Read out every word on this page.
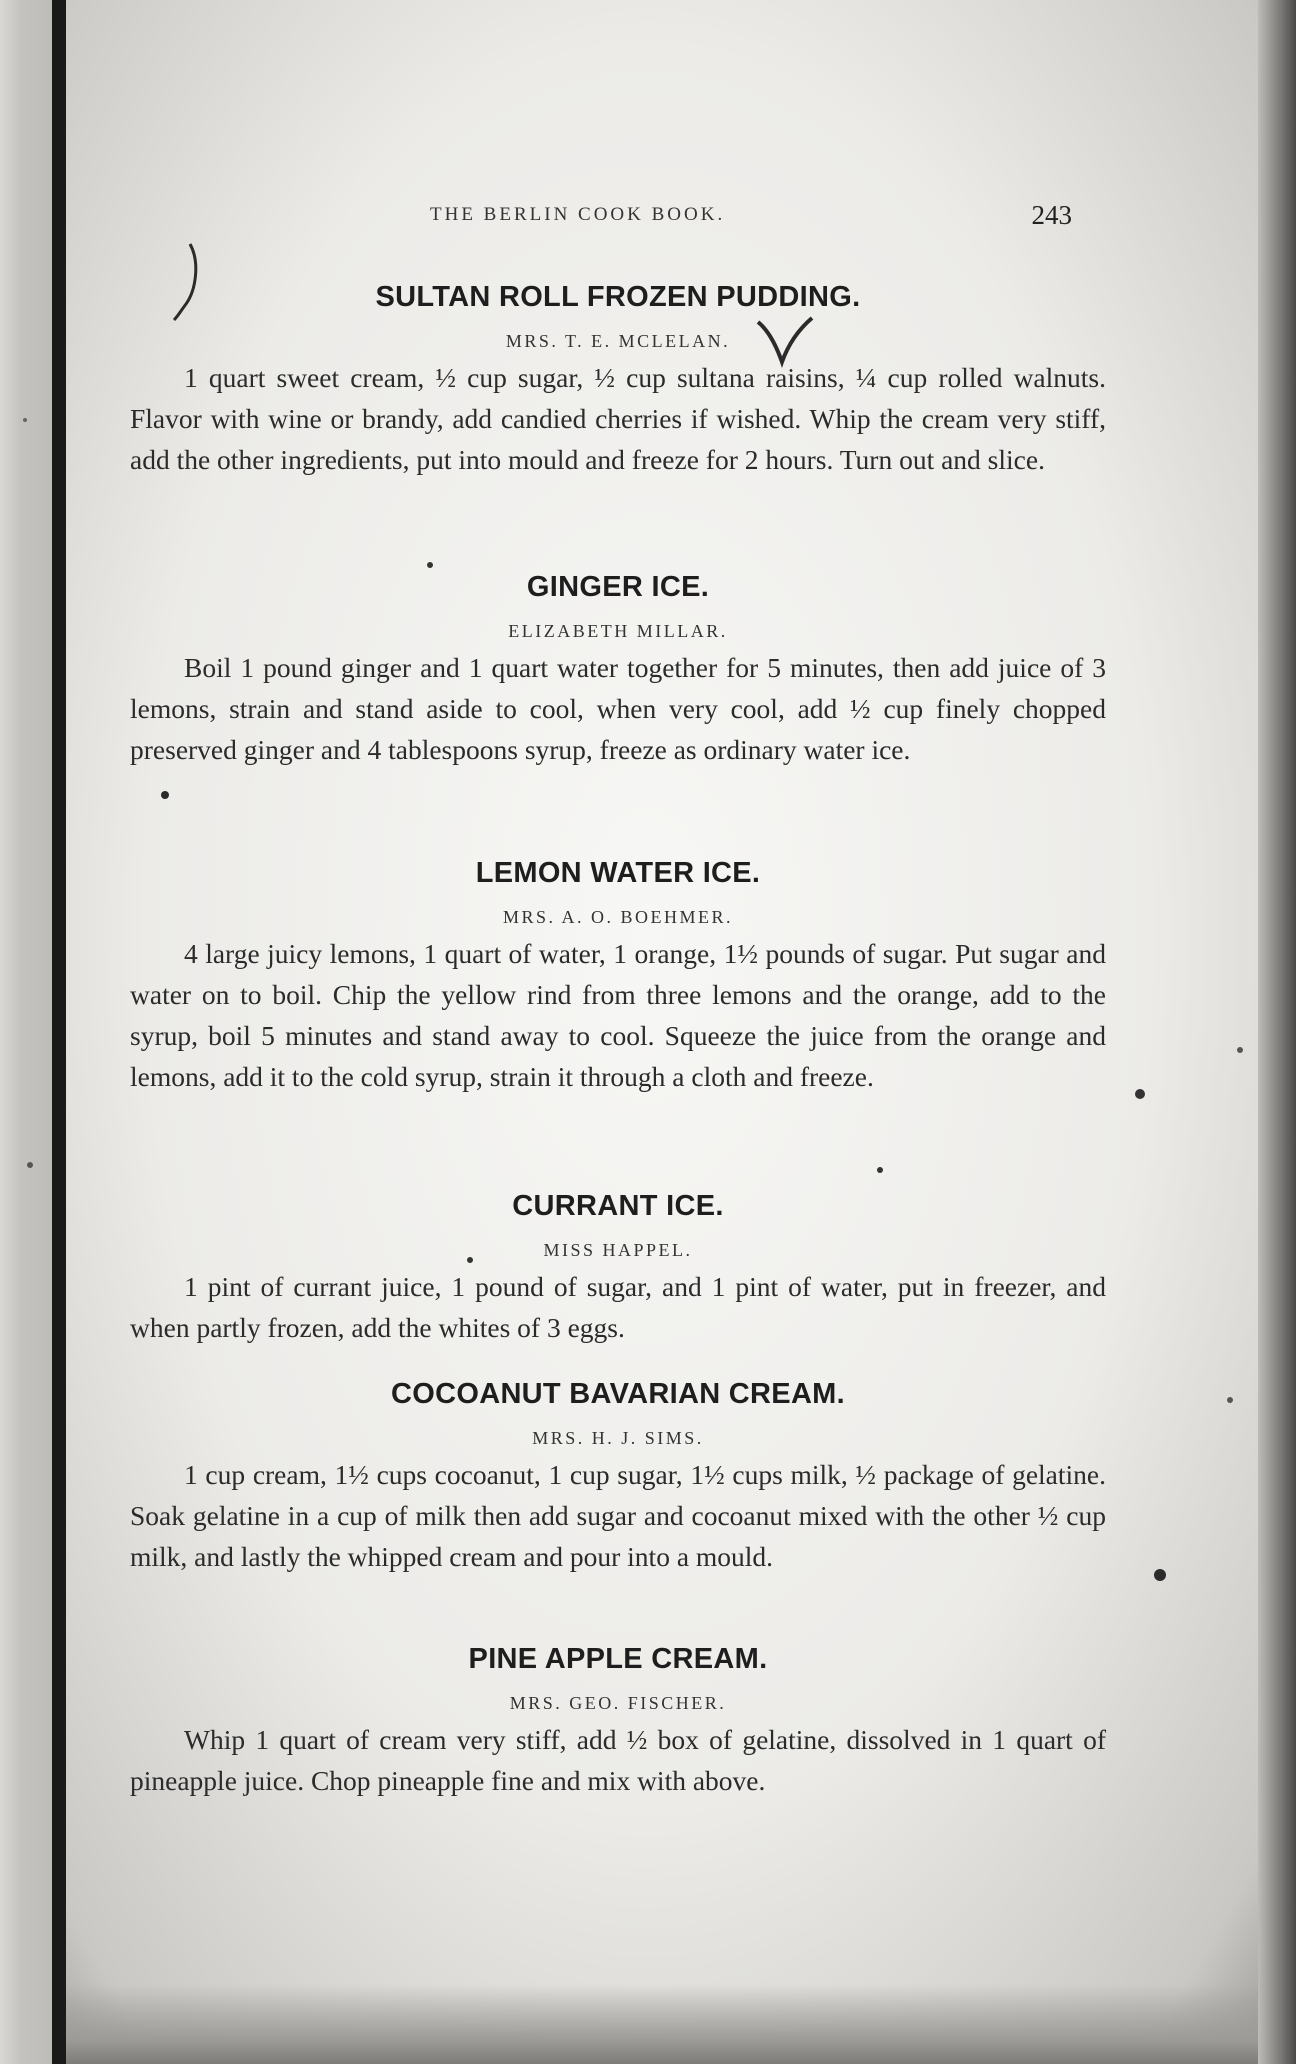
THE BERLIN COOK BOOK.	243
SULTAN ROLL FROZEN PUDDING.

MRS. T. E. MCLELAN.

1 quart sweet cream, ½ cup sugar, ½ cup sultana raisins, ¼ cup rolled walnuts. Flavor with wine or brandy, add candied cherries if wished. Whip the cream very stiff, add the other ingredients, put into mould and freeze for 2 hours. Turn out and slice.

GINGER ICE.

ELIZABETH MILLAR.

Boil 1 pound ginger and 1 quart water together for 5 minutes, then add juice of 3 lemons, strain and stand aside to cool, when very cool, add ½ cup finely chopped preserved ginger and 4 tablespoons syrup, freeze as ordinary water ice.

LEMON WATER ICE.

MRS. A. O. BOEHMER.

4 large juicy lemons, 1 quart of water, 1 orange, 1½ pounds of sugar. Put sugar and water on to boil. Chip the yellow rind from three lemons and the orange, add to the syrup, boil 5 minutes and stand away to cool. Squeeze the juice from the orange and lemons, add it to the cold syrup, strain it through a cloth and freeze.

CURRANT ICE.

MISS HAPPEL.

1 pint of currant juice, 1 pound of sugar, and 1 pint of water, put in freezer, and when partly frozen, add the whites of 3 eggs.

COCOANUT BAVARIAN CREAM.

MRS. H. J. SIMS.

1 cup cream, 1½ cups cocoanut, 1 cup sugar, 1½ cups milk, ½ package of gelatine. Soak gelatine in a cup of milk then add sugar and cocoanut mixed with the other ½ cup milk, and lastly the whipped cream and pour into a mould.

PINE APPLE CREAM.

MRS. GEO. FISCHER.

Whip 1 quart of cream very stiff, add ½ box of gelatine, dissolved in 1 quart of pineapple juice. Chop pineapple fine and mix with above.
